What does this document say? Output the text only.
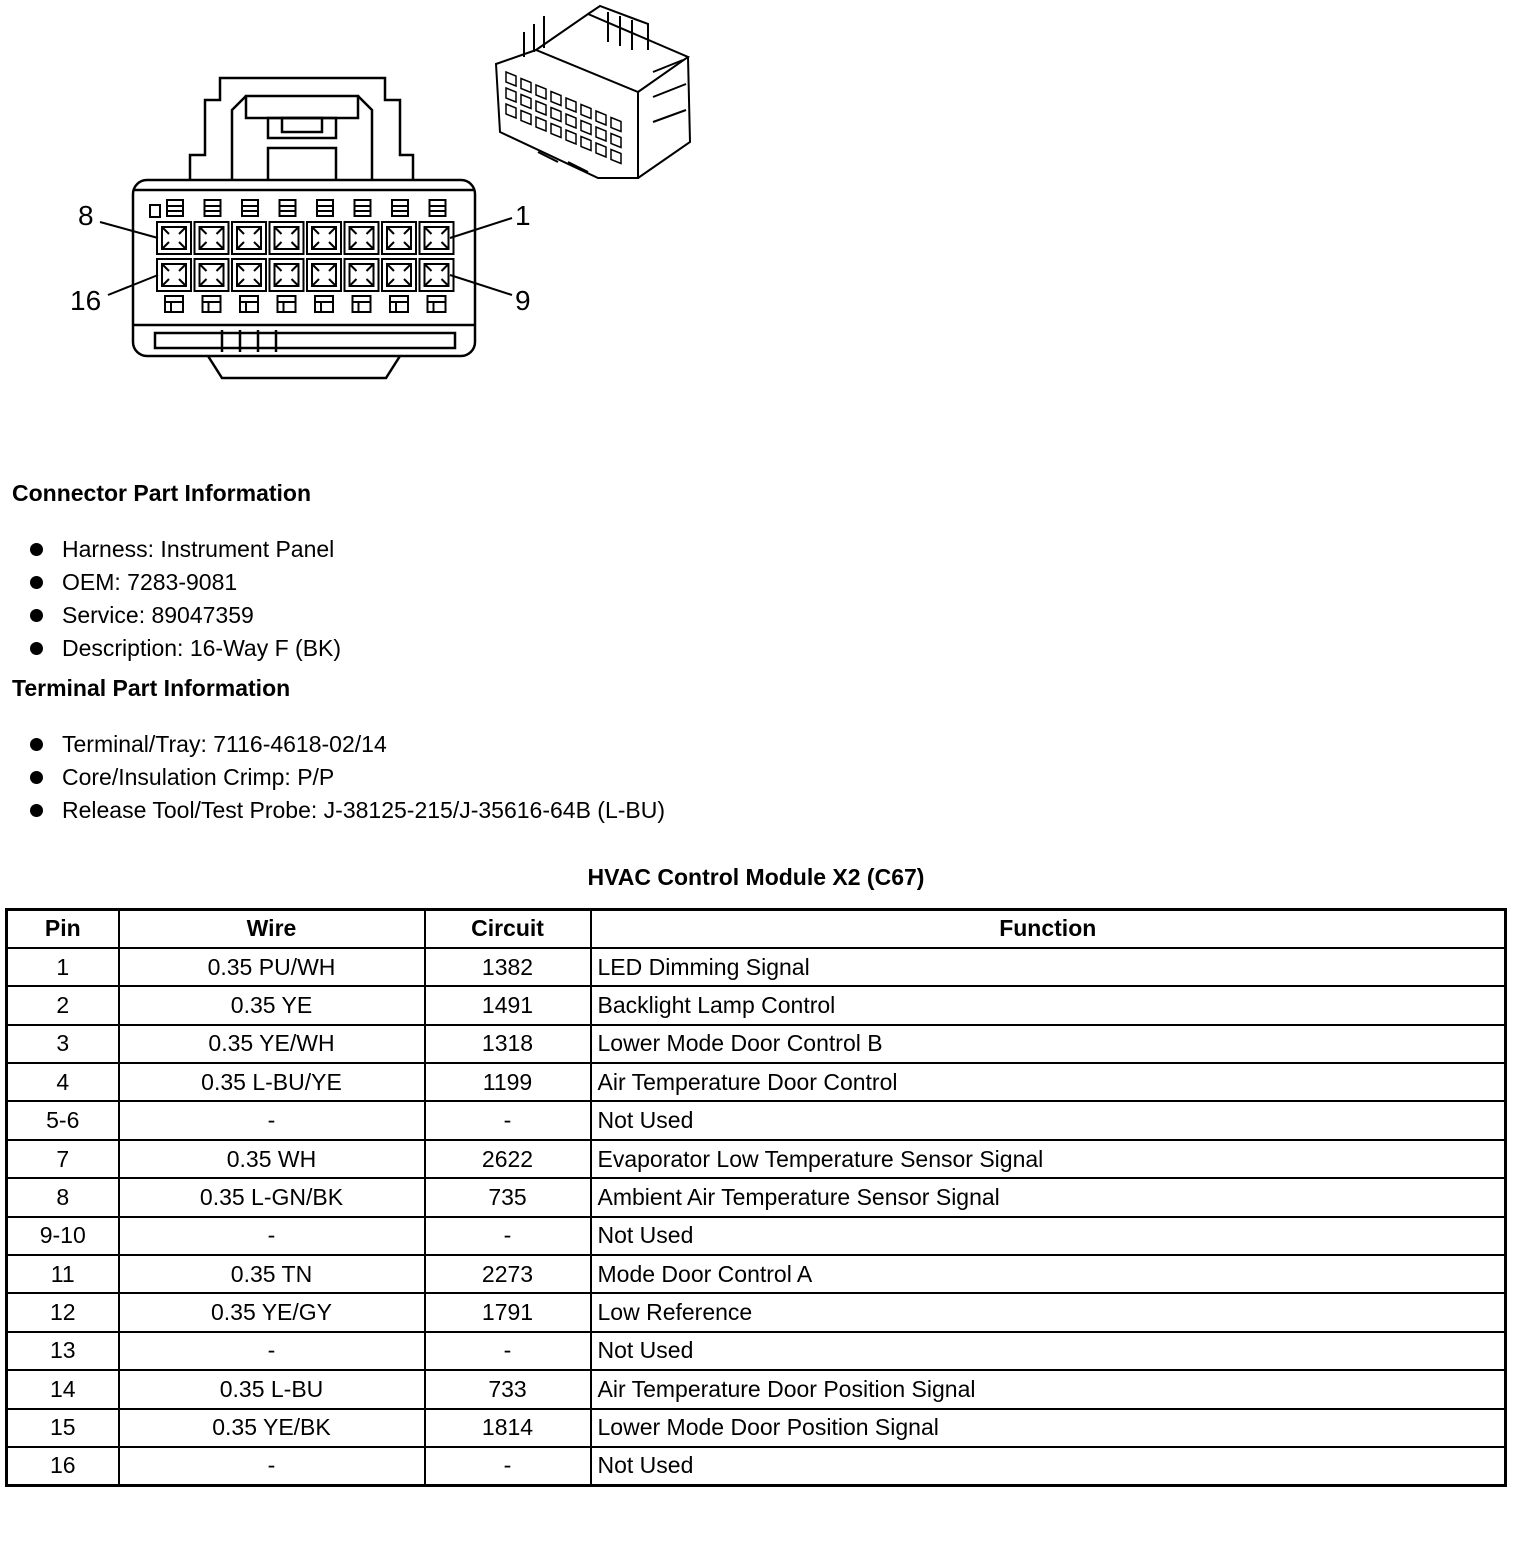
8	1
16	9
Connector Part Information
Harness: Instrument Panel
OEM: 7283-9081
Service: 89047359
Description: 16-Way F (BK)
Terminal Part Information
Terminal/Tray: 7116-4618-02/14
Core/Insulation Crimp: P/P
Release Tool/Test Probe: J-38125-215/J-35616-64B (L-BU)
HVAC Control Module X2 (C67)
Pin	Wire	Circuit	Function
1	0.35 PU/WH	1382	LED Dimming Signal
2	0.35 YE	1491	Backlight Lamp Control
3	0.35 YE/WH	1318	Lower Mode Door Control B
4	0.35 L-BU/YE	1199	Air Temperature Door Control
5-6	-	-	Not Used
7	0.35 WH	2622	Evaporator Low Temperature Sensor Signal
8	0.35 L-GN/BK	735	Ambient Air Temperature Sensor Signal
9-10	-	-	Not Used
11	0.35 TN	2273	Mode Door Control A
12	0.35 YE/GY	1791	Low Reference
13	-	-	Not Used
14	0.35 L-BU	733	Air Temperature Door Position Signal
15	0.35 YE/BK	1814	Lower Mode Door Position Signal
16	-	-	Not Used
